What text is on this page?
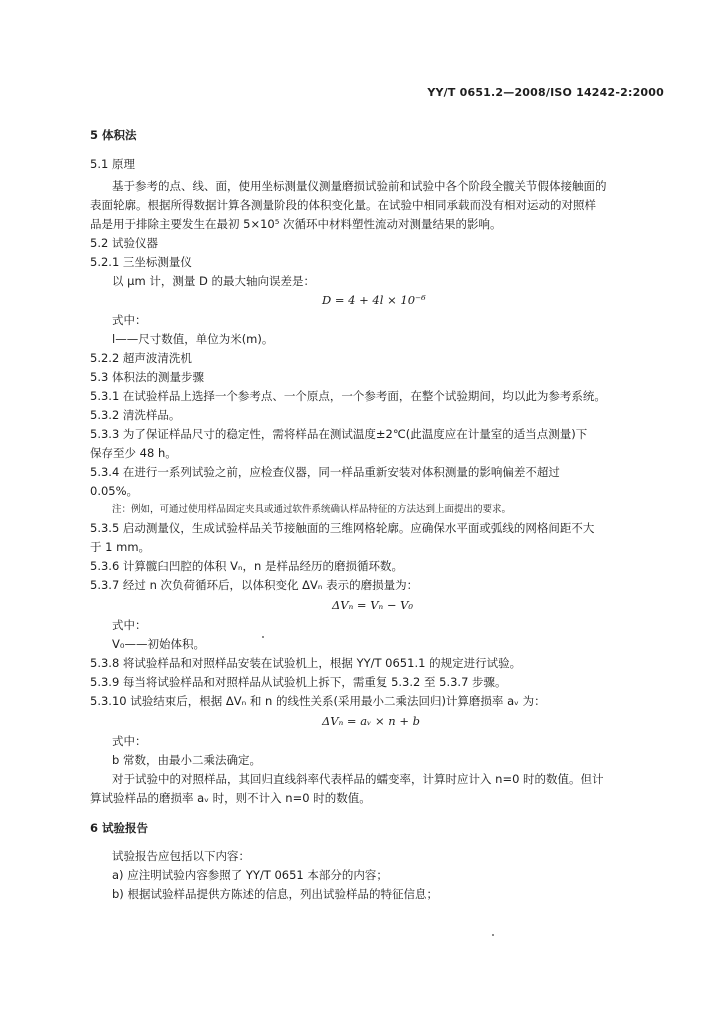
YY/T 0651.2—2008/ISO 14242-2:2000
5 体积法
5.1 原理
基于参考的点、线、面，使用坐标测量仪测量磨损试验前和试验中各个阶段全髋关节假体接触面的
表面轮廓。根据所得数据计算各测量阶段的体积变化量。在试验中相同承载而没有相对运动的对照样
品是用于排除主要发生在最初 5×10⁵ 次循环中材料塑性流动对测量结果的影响。
5.2 试验仪器
5.2.1 三坐标测量仪
以 μm 计，测量 D 的最大轴向误差是：
D = 4 + 4l × 10⁻⁶
式中：
l——尺寸数值，单位为米(m)。
5.2.2 超声波清洗机
5.3 体积法的测量步骤
5.3.1 在试验样品上选择一个参考点、一个原点，一个参考面，在整个试验期间，均以此为参考系统。
5.3.2 清洗样品。
5.3.3 为了保证样品尺寸的稳定性，需将样品在测试温度±2℃(此温度应在计量室的适当点测量)下
保存至少 48 h。
5.3.4 在进行一系列试验之前，应检查仪器，同一样品重新安装对体积测量的影响偏差不超过
0.05%。
注：例如，可通过使用样品固定夹具或通过软件系统确认样品特征的方法达到上面提出的要求。
5.3.5 启动测量仪，生成试验样品关节接触面的三维网格轮廓。应确保水平面或弧线的网格间距不大
于 1 mm。
5.3.6 计算髋臼凹腔的体积 Vₙ，n 是样品经历的磨损循环数。
5.3.7 经过 n 次负荷循环后，以体积变化 ΔVₙ 表示的磨损量为：
ΔVₙ = Vₙ − V₀
式中：
V₀——初始体积。
5.3.8 将试验样品和对照样品安装在试验机上，根据 YY/T 0651.1 的规定进行试验。
5.3.9 每当将试验样品和对照样品从试验机上拆下，需重复 5.3.2 至 5.3.7 步骤。
5.3.10 试验结束后，根据 ΔVₙ 和 n 的线性关系(采用最小二乘法回归)计算磨损率 aᵥ 为：
ΔVₙ = aᵥ × n + b
式中：
b 常数，由最小二乘法确定。
对于试验中的对照样品，其回归直线斜率代表样品的蠕变率，计算时应计入 n=0 时的数值。但计
算试验样品的磨损率 aᵥ 时，则不计入 n=0 时的数值。
6 试验报告
试验报告应包括以下内容：
a) 应注明试验内容参照了 YY/T 0651 本部分的内容；
b) 根据试验样品提供方陈述的信息，列出试验样品的特征信息；
